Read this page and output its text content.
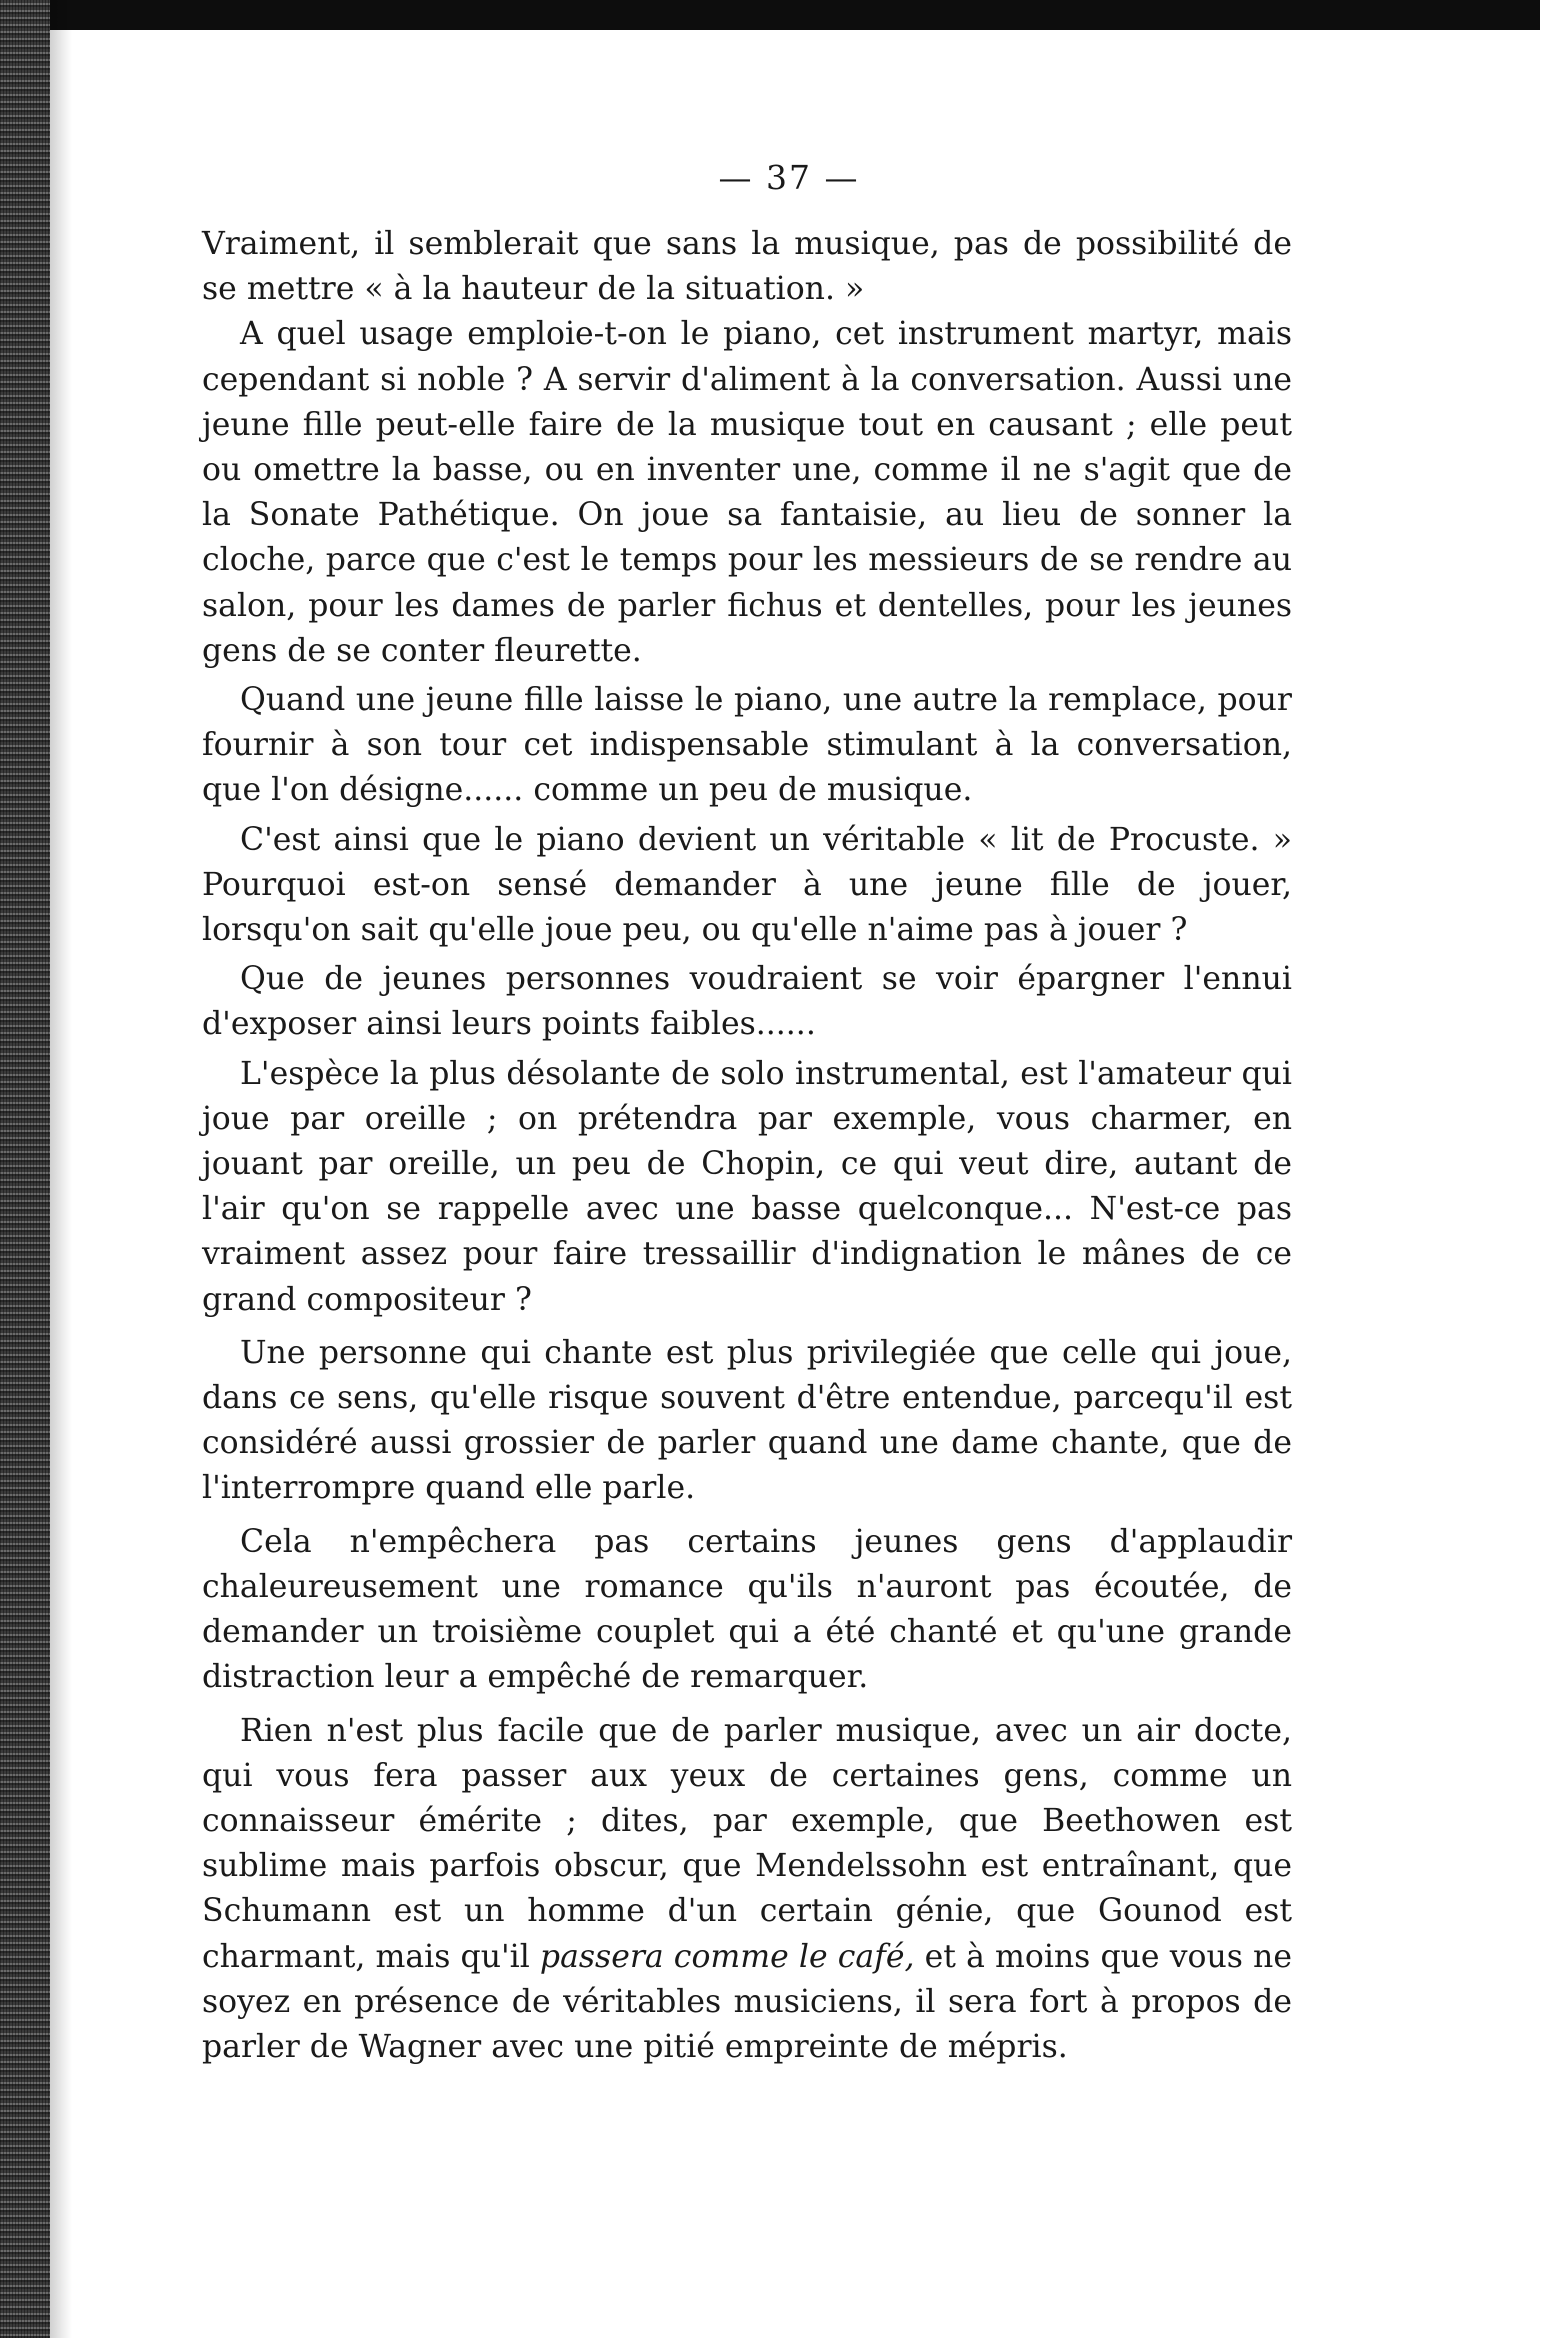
— 37 —

Vraiment, il semblerait que sans la musique, pas de possibilité de se mettre « à la hauteur de la situation. »

A quel usage emploie-t-on le piano, cet instrument martyr, mais cependant si noble ? A servir d'aliment à la conversation. Aussi une jeune fille peut-elle faire de la musique tout en causant ; elle peut ou omettre la basse, ou en inventer une, comme il ne s'agit que de la Sonate Pathétique. On joue sa fantaisie, au lieu de sonner la cloche, parce que c'est le temps pour les messieurs de se rendre au salon, pour les dames de parler fichus et dentelles, pour les jeunes gens de se conter fleurette.

Quand une jeune fille laisse le piano, une autre la remplace, pour fournir à son tour cet indispensable stimulant à la conversation, que l'on désigne...... comme un peu de musique.

C'est ainsi que le piano devient un véritable « lit de Procuste. » Pourquoi est-on sensé demander à une jeune fille de jouer, lorsqu'on sait qu'elle joue peu, ou qu'elle n'aime pas à jouer ?

Que de jeunes personnes voudraient se voir épargner l'ennui d'exposer ainsi leurs points faibles......

L'espèce la plus désolante de solo instrumental, est l'amateur qui joue par oreille ; on prétendra par exemple, vous charmer, en jouant par oreille, un peu de Chopin, ce qui veut dire, autant de l'air qu'on se rappelle avec une basse quelconque... N'est-ce pas vraiment assez pour faire tressaillir d'indignation le mânes de ce grand compositeur ?

Une personne qui chante est plus privilegiée que celle qui joue, dans ce sens, qu'elle risque souvent d'être entendue, parcequ'il est considéré aussi grossier de parler quand une dame chante, que de l'interrompre quand elle parle.

Cela n'empêchera pas certains jeunes gens d'applaudir chaleureusement une romance qu'ils n'auront pas écoutée, de demander un troisième couplet qui a été chanté et qu'une grande distraction leur a empêché de remarquer.

Rien n'est plus facile que de parler musique, avec un air docte, qui vous fera passer aux yeux de certaines gens, comme un connaisseur émérite ; dites, par exemple, que Beethowen est sublime mais parfois obscur, que Mendelssohn est entraînant, que Schumann est un homme d'un certain génie, que Gounod est charmant, mais qu'il passera comme le café, et à moins que vous ne soyez en présence de véritables musiciens, il sera fort à propos de parler de Wagner avec une pitié empreinte de mépris.
